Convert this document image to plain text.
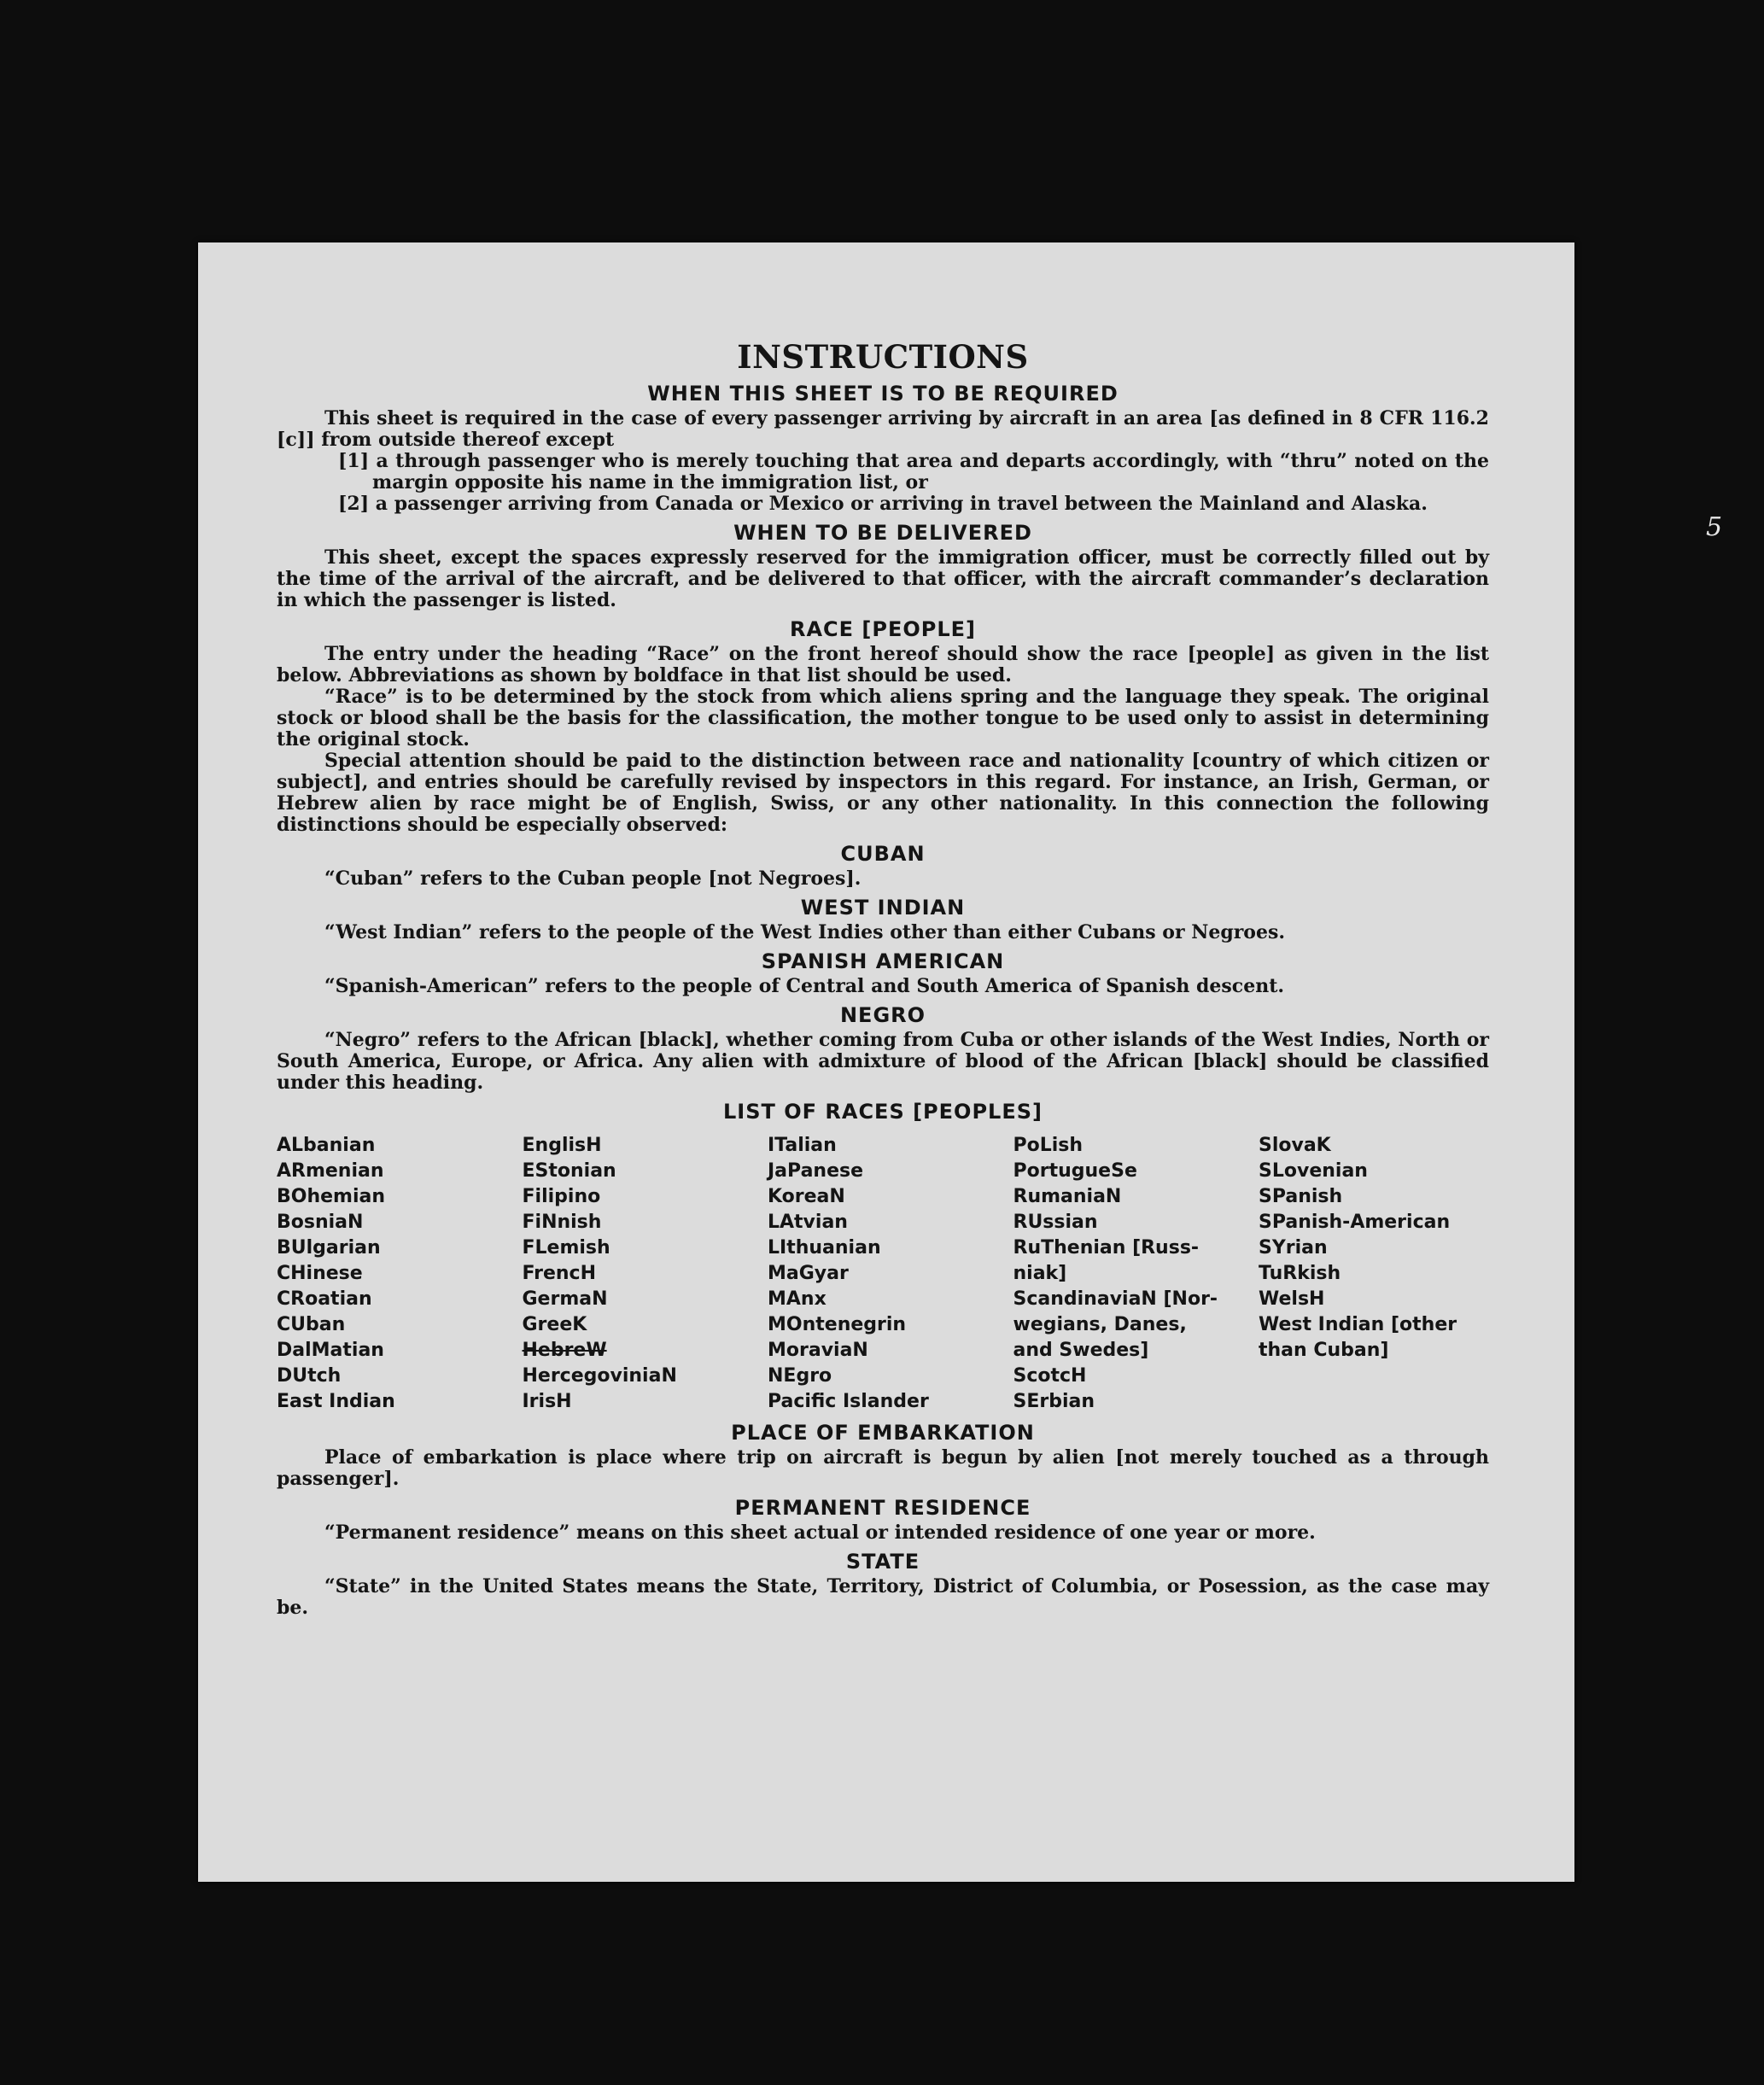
INSTRUCTIONS
WHEN THIS SHEET IS TO BE REQUIRED

This sheet is required in the case of every passenger arriving by aircraft in an area [as defined in 8 CFR 116.2 [c]] from outside thereof except

[1] a through passenger who is merely touching that area and departs accordingly, with “thru” noted on the margin opposite his name in the immigration list, or

[2] a passenger arriving from Canada or Mexico or arriving in travel between the Mainland and Alaska.

WHEN TO BE DELIVERED

This sheet, except the spaces expressly reserved for the immigration officer, must be correctly filled out by the time of the arrival of the aircraft, and be delivered to that officer, with the aircraft commander’s declaration in which the passenger is listed.

RACE [PEOPLE]

The entry under the heading “Race” on the front hereof should show the race [people] as given in the list below. Abbreviations as shown by boldface in that list should be used.

“Race” is to be determined by the stock from which aliens spring and the language they speak. The original stock or blood shall be the basis for the classification, the mother tongue to be used only to assist in determining the original stock.

Special attention should be paid to the distinction between race and nationality [country of which citizen or subject], and entries should be carefully revised by inspectors in this regard. For instance, an Irish, German, or Hebrew alien by race might be of English, Swiss, or any other nationality. In this connection the following distinctions should be especially observed:

CUBAN

“Cuban” refers to the Cuban people [not Negroes].

WEST INDIAN

“West Indian” refers to the people of the West Indies other than either Cubans or Negroes.

SPANISH AMERICAN

“Spanish-American” refers to the people of Central and South America of Spanish descent.

NEGRO

“Negro” refers to the African [black], whether coming from Cuba or other islands of the West Indies, North or South America, Europe, or Africa. Any alien with admixture of blood of the African [black] should be classified under this heading.

LIST OF RACES [PEOPLES]
ALbanian
ARmenian
BOhemian
BosniaN
BUlgarian
CHinese
CRoatian
CUban
DalMatian
DUtch
East Indian
EnglisH
EStonian
Filipino
FiNnish
FLemish
FrencH
GermaN
GreeK
HebreW
HercegoviniaN
IrisH
ITalian
JaPanese
KoreaN
LAtvian
LIthuanian
MaGyar
MAnx
MOntenegrin
MoraviaN
NEgro
Pacific Islander
PoLish
PortugueSe
RumaniaN
RUssian
RuThenian [Russ-
niak]
ScandinaviaN [Nor-
wegians, Danes,
and Swedes]
ScotcH
SErbian
SlovaK
SLovenian
SPanish
SPanish-American
SYrian
TuRkish
WelsH
West Indian [other
than Cuban]
PLACE OF EMBARKATION

Place of embarkation is place where trip on aircraft is begun by alien [not merely touched as a through passenger].

PERMANENT RESIDENCE

“Permanent residence” means on this sheet actual or intended residence of one year or more.

STATE

“State” in the United States means the State, Territory, District of Columbia, or Posession, as the case may be.

5
